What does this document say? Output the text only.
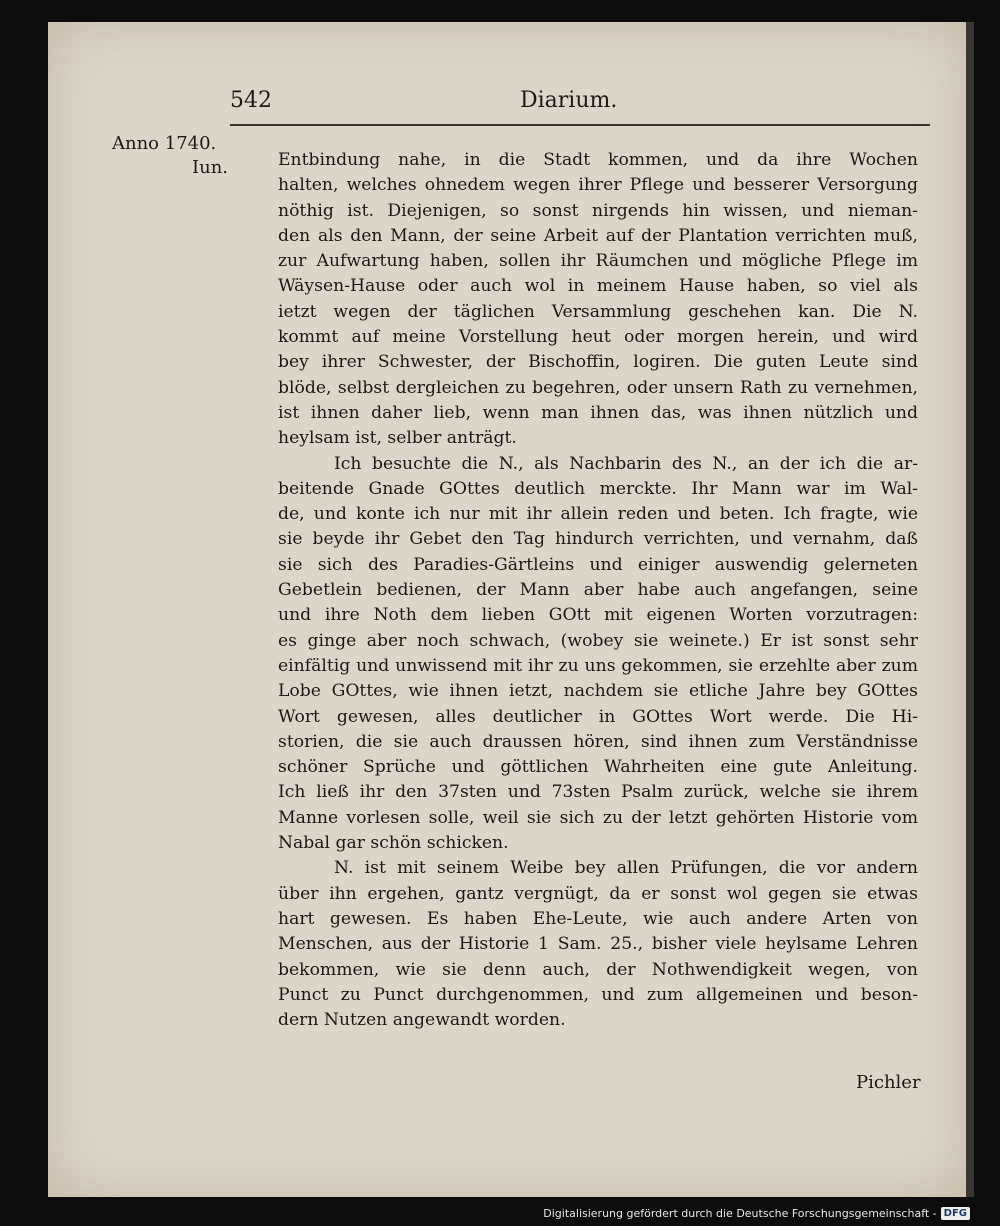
542	Diarium.
Anno 1740.
Iun.	Entbindung nahe, in die Stadt kommen, und da ihre Wochen
halten, welches ohnedem wegen ihrer Pflege und besserer Versorgung
nöthig ist. Diejenigen, so sonst nirgends hin wissen, und nieman-
den als den Mann, der seine Arbeit auf der Plantation verrichten muß,
zur Aufwartung haben, sollen ihr Räumchen und mögliche Pflege im
Wäysen-Hause oder auch wol in meinem Hause haben, so viel als
ietzt wegen der täglichen Versammlung geschehen kan. Die N.
kommt auf meine Vorstellung heut oder morgen herein, und wird
bey ihrer Schwester, der Bischoffin, logiren. Die guten Leute sind
blöde, selbst dergleichen zu begehren, oder unsern Rath zu vernehmen,
ist ihnen daher lieb, wenn man ihnen das, was ihnen nützlich und
heylsam ist, selber anträgt.
Ich besuchte die N., als Nachbarin des N., an der ich die ar-
beitende Gnade GOttes deutlich merckte. Ihr Mann war im Wal-
de, und konte ich nur mit ihr allein reden und beten. Ich fragte, wie
sie beyde ihr Gebet den Tag hindurch verrichten, und vernahm, daß
sie sich des Paradies-Gärtleins und einiger auswendig gelerneten
Gebetlein bedienen, der Mann aber habe auch angefangen, seine
und ihre Noth dem lieben GOtt mit eigenen Worten vorzutragen:
es ginge aber noch schwach, (wobey sie weinete.) Er ist sonst sehr
einfältig und unwissend mit ihr zu uns gekommen, sie erzehlte aber zum
Lobe GOttes, wie ihnen ietzt, nachdem sie etliche Jahre bey GOttes
Wort gewesen, alles deutlicher in GOttes Wort werde. Die Hi-
storien, die sie auch draussen hören, sind ihnen zum Verständnisse
schöner Sprüche und göttlichen Wahrheiten eine gute Anleitung.
Ich ließ ihr den 37sten und 73sten Psalm zurück, welche sie ihrem
Manne vorlesen solle, weil sie sich zu der letzt gehörten Historie vom
Nabal gar schön schicken.
N. ist mit seinem Weibe bey allen Prüfungen, die vor andern
über ihn ergehen, gantz vergnügt, da er sonst wol gegen sie etwas
hart gewesen. Es haben Ehe-Leute, wie auch andere Arten von
Menschen, aus der Historie 1 Sam. 25., bisher viele heylsame Lehren
bekommen, wie sie denn auch, der Nothwendigkeit wegen, von
Punct zu Punct durchgenommen, und zum allgemeinen und beson-
dern Nutzen angewandt worden.
Pichler
Digitalisierung gefördert durch die Deutsche Forschungsgemeinschaft - DFG
